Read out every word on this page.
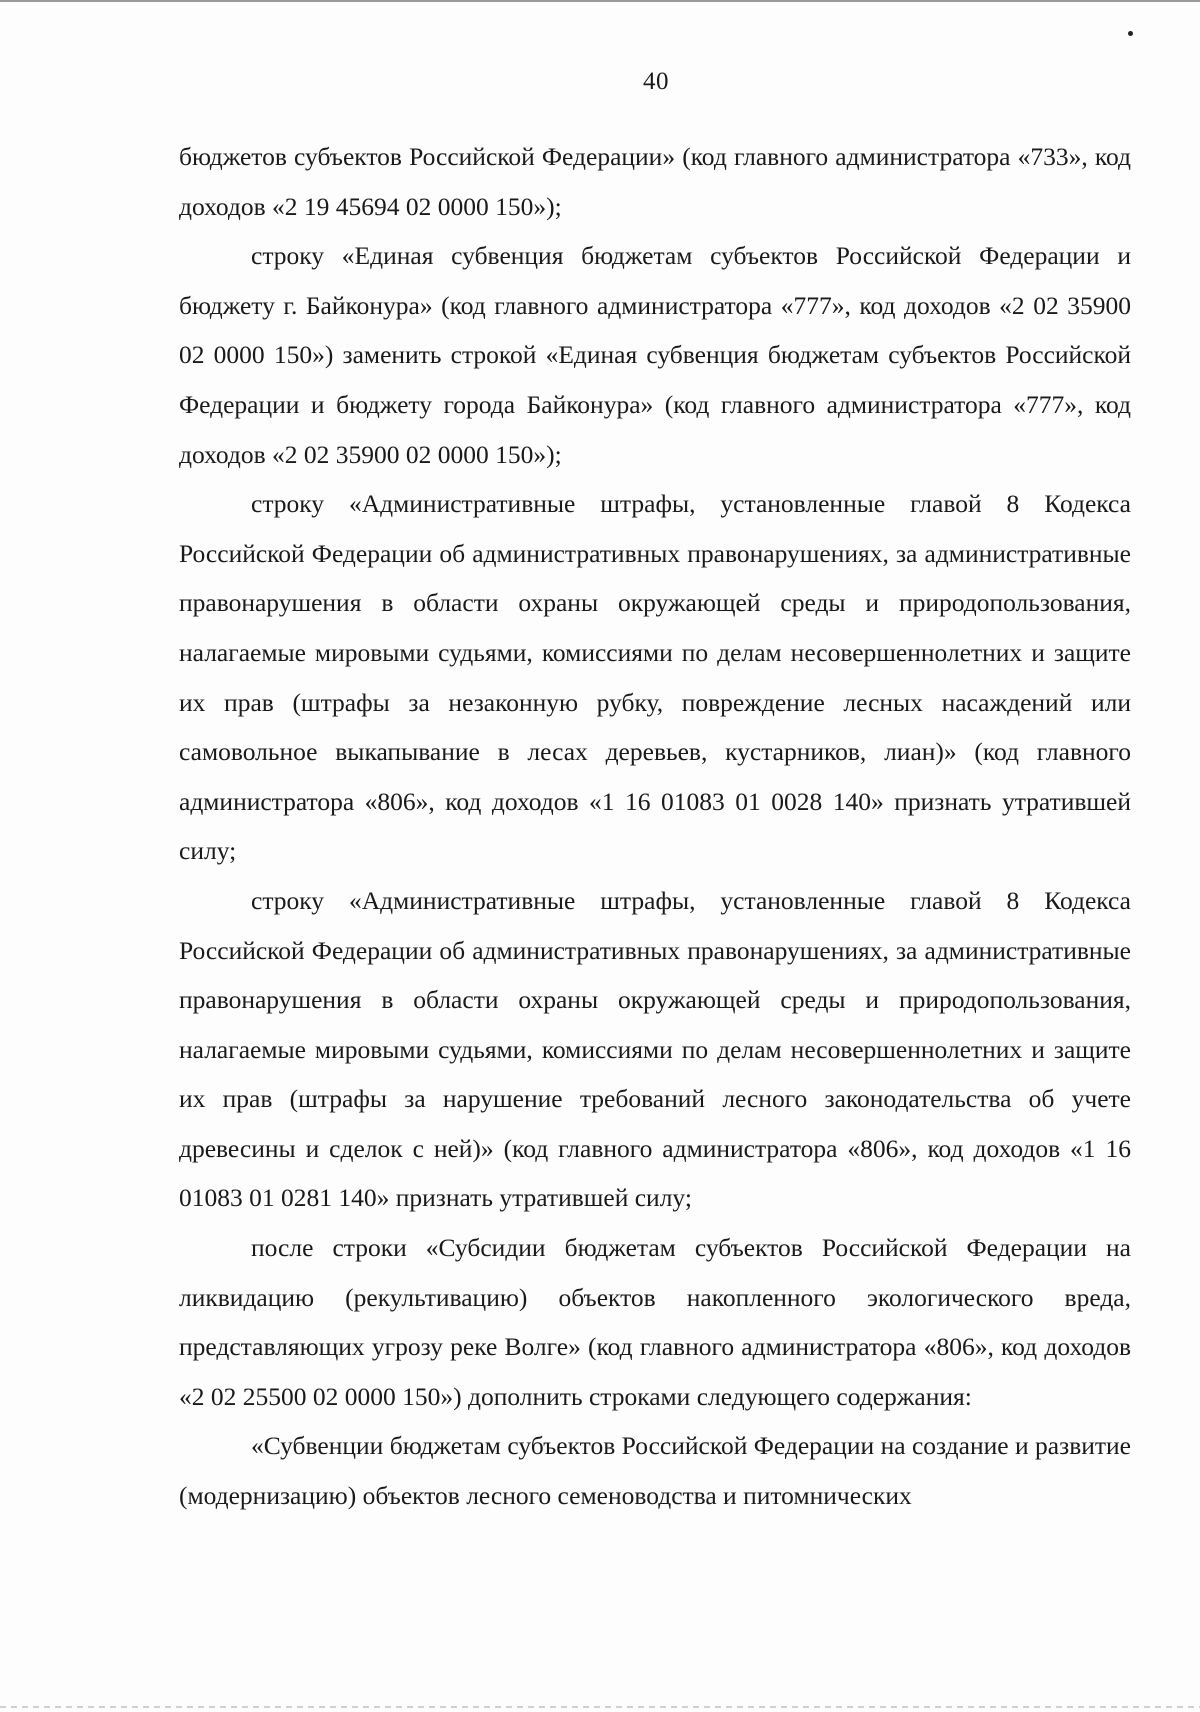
40

бюджетов субъектов Российской Федерации» (код главного администратора «733», код доходов «2 19 45694 02 0000 150»);

строку «Единая субвенция бюджетам субъектов Российской Федерации и бюджету г. Байконура» (код главного администратора «777», код доходов «2 02 35900 02 0000 150») заменить строкой «Единая субвенция бюджетам субъектов Российской Федерации и бюджету города Байконура» (код главного администратора «777», код доходов «2 02 35900 02 0000 150»);

строку «Административные штрафы, установленные главой 8 Кодекса Российской Федерации об административных правонарушениях, за административные правонарушения в области охраны окружающей среды и природопользования, налагаемые мировыми судьями, комиссиями по делам несовершеннолетних и защите их прав (штрафы за незаконную рубку, повреждение лесных насаждений или самовольное выкапывание в лесах деревьев, кустарников, лиан)» (код главного администратора «806», код доходов «1 16 01083 01 0028 140» признать утратившей силу;

строку «Административные штрафы, установленные главой 8 Кодекса Российской Федерации об административных правонарушениях, за административные правонарушения в области охраны окружающей среды и природопользования, налагаемые мировыми судьями, комиссиями по делам несовершеннолетних и защите их прав (штрафы за нарушение требований лесного законодательства об учете древесины и сделок с ней)» (код главного администратора «806», код доходов «1 16 01083 01 0281 140» признать утратившей силу;

после строки «Субсидии бюджетам субъектов Российской Федерации на ликвидацию (рекультивацию) объектов накопленного экологического вреда, представляющих угрозу реке Волге» (код главного администратора «806», код доходов «2 02 25500 02 0000 150») дополнить строками следующего содержания:

«Субвенции бюджетам субъектов Российской Федерации на создание и развитие (модернизацию) объектов лесного семеноводства и питомнических
